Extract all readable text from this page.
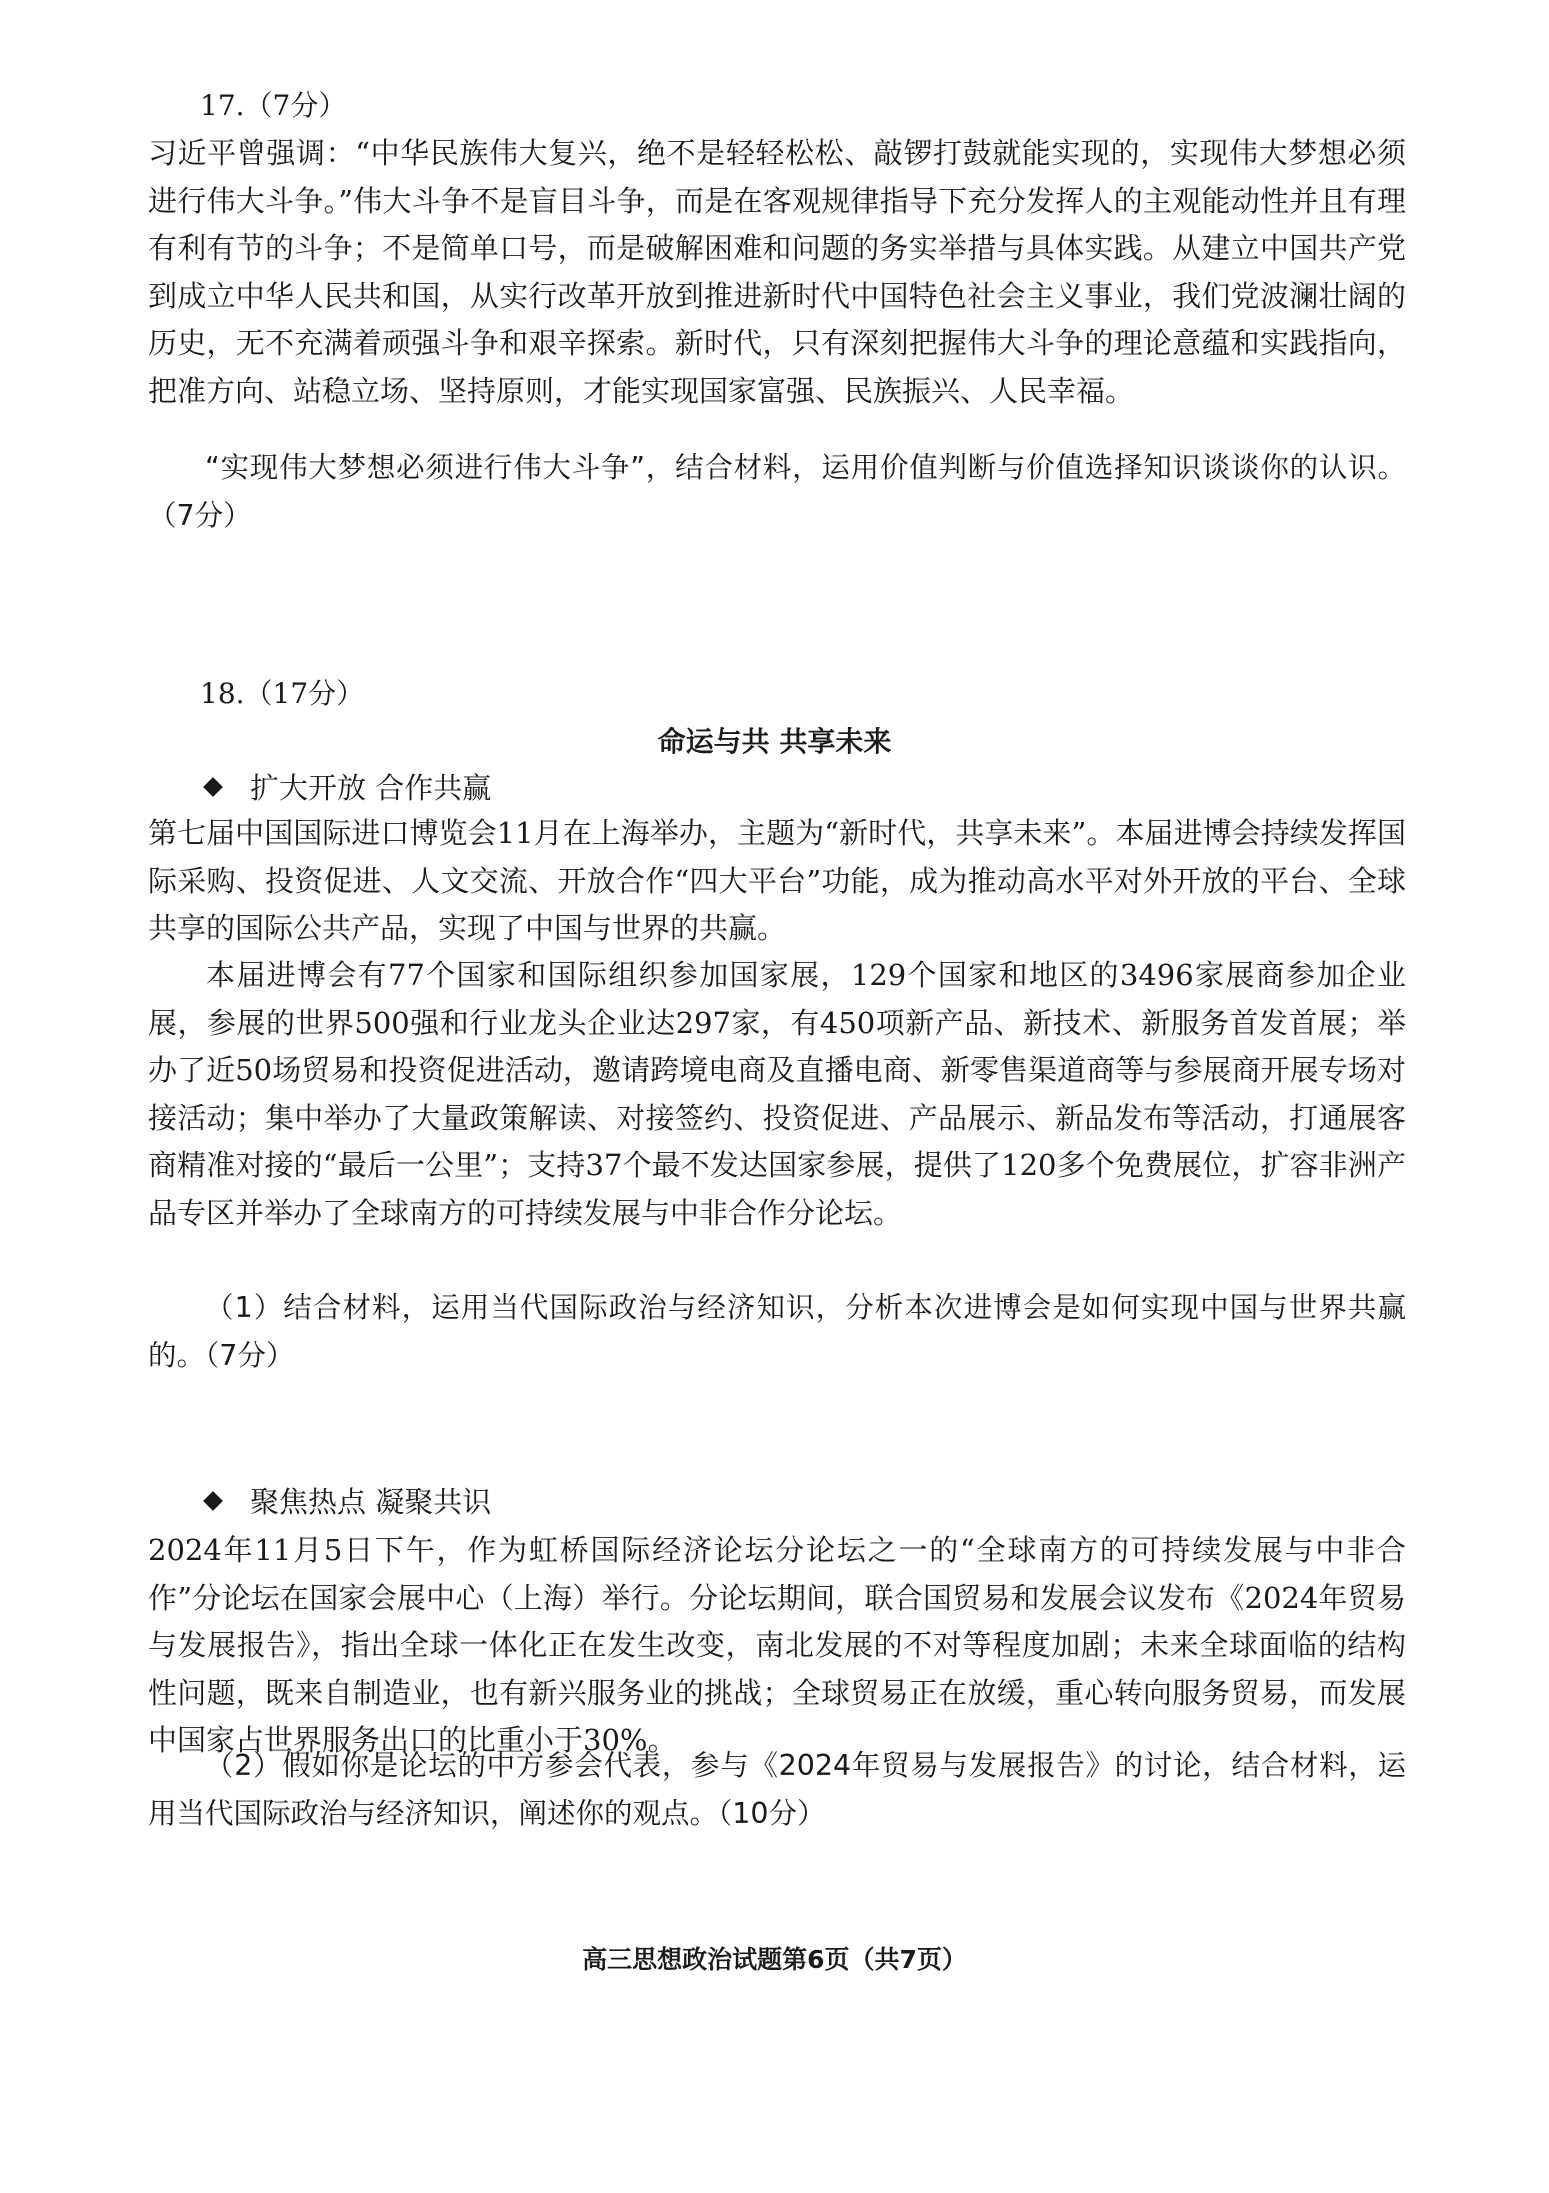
17.（7分）

习近平曾强调：“中华民族伟大复兴，绝不是轻轻松松、敲锣打鼓就能实现的，实现伟大梦想必须进行伟大斗争。”伟大斗争不是盲目斗争，而是在客观规律指导下充分发挥人的主观能动性并且有理有利有节的斗争；不是简单口号，而是破解困难和问题的务实举措与具体实践。从建立中国共产党到成立中华人民共和国，从实行改革开放到推进新时代中国特色社会主义事业，我们党波澜壮阔的历史，无不充满着顽强斗争和艰辛探索。新时代，只有深刻把握伟大斗争的理论意蕴和实践指向，把准方向、站稳立场、坚持原则，才能实现国家富强、民族振兴、人民幸福。

“实现伟大梦想必须进行伟大斗争”，结合材料，运用价值判断与价值选择知识谈谈你的认识。（7分）

18.（17分）

命运与共 共享未来

扩大开放 合作共赢

第七届中国国际进口博览会11月在上海举办，主题为“新时代，共享未来”。本届进博会持续发挥国际采购、投资促进、人文交流、开放合作“四大平台”功能，成为推动高水平对外开放的平台、全球共享的国际公共产品，实现了中国与世界的共赢。

本届进博会有77个国家和国际组织参加国家展，129个国家和地区的3496家展商参加企业展，参展的世界500强和行业龙头企业达297家，有450项新产品、新技术、新服务首发首展；举办了近50场贸易和投资促进活动，邀请跨境电商及直播电商、新零售渠道商等与参展商开展专场对接活动；集中举办了大量政策解读、对接签约、投资促进、产品展示、新品发布等活动，打通展客商精准对接的“最后一公里”；支持37个最不发达国家参展，提供了120多个免费展位，扩容非洲产品专区并举办了全球南方的可持续发展与中非合作分论坛。

（1）结合材料，运用当代国际政治与经济知识，分析本次进博会是如何实现中国与世界共赢的。（7分）

聚焦热点 凝聚共识

2024年11月5日下午，作为虹桥国际经济论坛分论坛之一的“全球南方的可持续发展与中非合作”分论坛在国家会展中心（上海）举行。分论坛期间，联合国贸易和发展会议发布《2024年贸易与发展报告》，指出全球一体化正在发生改变，南北发展的不对等程度加剧；未来全球面临的结构性问题，既来自制造业，也有新兴服务业的挑战；全球贸易正在放缓，重心转向服务贸易，而发展中国家占世界服务出口的比重小于30%。

（2）假如你是论坛的中方参会代表，参与《2024年贸易与发展报告》的讨论，结合材料，运用当代国际政治与经济知识，阐述你的观点。（10分）

高三思想政治试题第6页（共7页）
